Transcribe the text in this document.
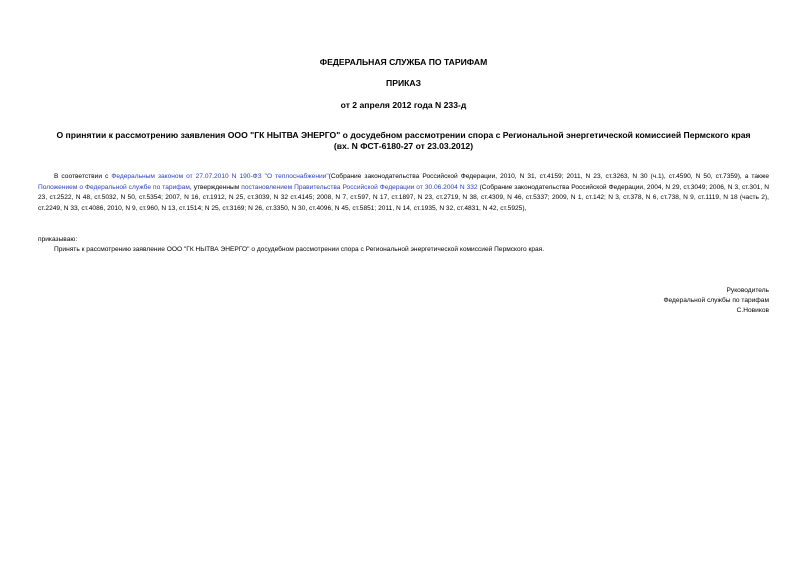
ФЕДЕРАЛЬНАЯ СЛУЖБА ПО ТАРИФАМ
ПРИКАЗ
от 2 апреля 2012 года N 233-д
О принятии к рассмотрению заявления ООО "ГК НЫТВА ЭНЕРГО" о досудебном рассмотрении спора с Региональной энергетической комиссией Пермского края
(вх. N ФСТ-6180-27 от 23.03.2012)

В соответствии с Федеральным законом от 27.07.2010 N 190-ФЗ "О теплоснабжении"(Собрание законодательства Российской Федерации, 2010, N 31, ст.4159; 2011, N 23, ст.3263, N 30 (ч.1), ст.4590, N 50, ст.7359), а также Положением о Федеральной службе по тарифам, утвержденным постановлением Правительства Российской Федерации от 30.06.2004 N 332 (Собрание законодательства Российской Федерации, 2004, N 29, ст.3049; 2006, N 3, ст.301, N 23, ст.2522, N 48, ст.5032, N 50, ст.5354; 2007, N 16, ст.1912, N 25, ст.3039, N 32 ст.4145; 2008, N 7, ст.597, N 17, ст.1897, N 23, ст.2719, N 38, ст.4309, N 46, ст.5337; 2009, N 1, ст.142; N 3, ст.378, N 6, ст.738, N 9, ст.1119, N 18 (часть 2), ст.2249, N 33, ст.4086, 2010, N 9, ст.960, N 13, ст.1514; N 25, ст.3169; N 26, ст.3350, N 30, ст.4096, N 45, ст.5851; 2011, N 14, ст.1935, N 32, ст.4831, N 42, ст.5925),

приказываю:

Принять к рассмотрению заявление ООО "ГК НЫТВА ЭНЕРГО" о досудебном рассмотрении спора с Региональной энергетической комиссией Пермского края.

Руководитель
Федеральной службы по тарифам
С.Новиков
